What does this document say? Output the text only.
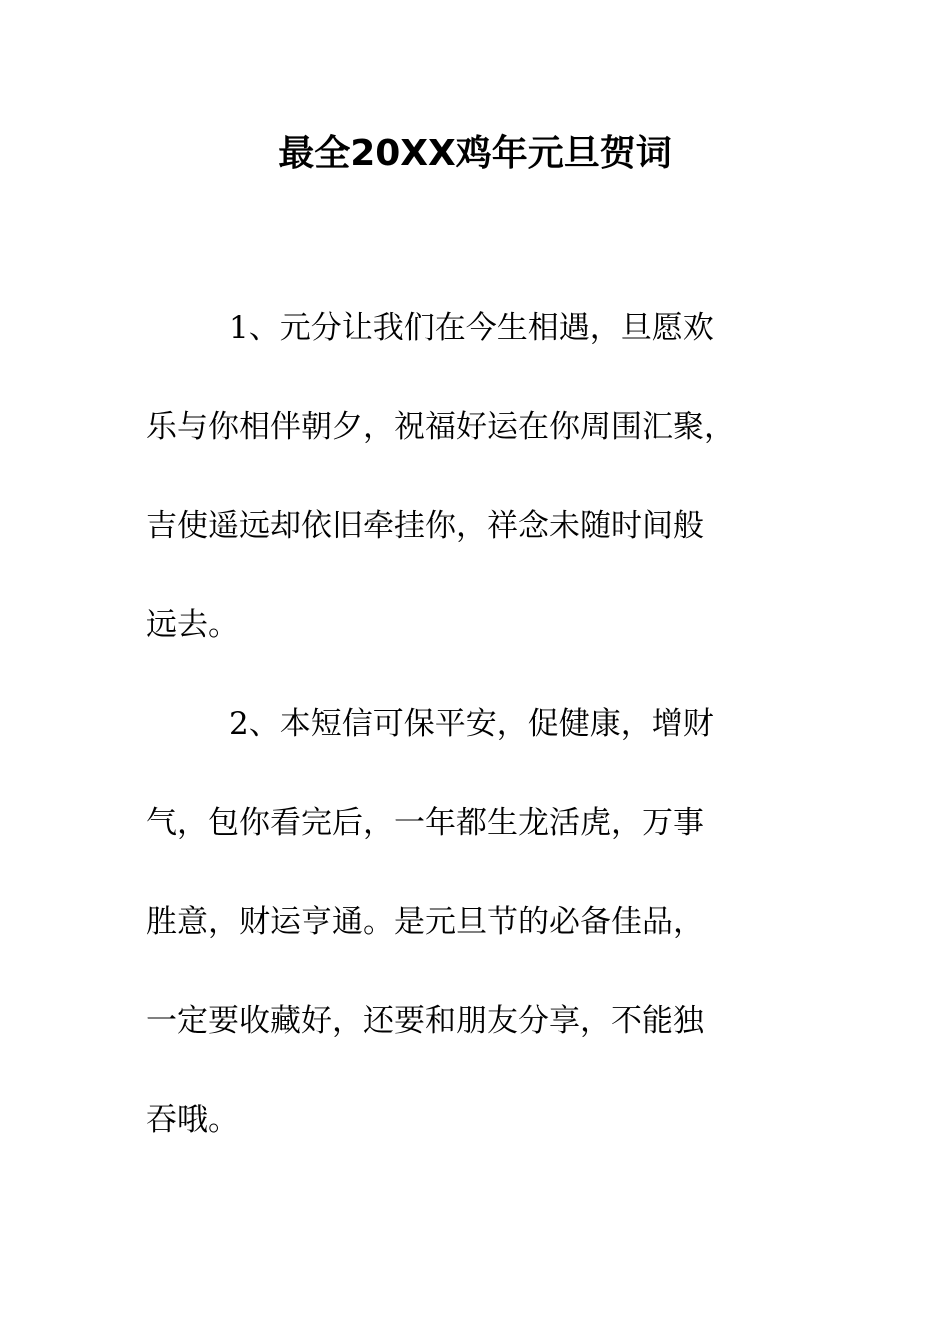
最全20XX鸡年元旦贺词
1、元分让我们在今生相遇，旦愿欢
乐与你相伴朝夕，祝福好运在你周围汇聚，
吉使遥远却依旧牵挂你，祥念未随时间般
远去。
2、本短信可保平安，促健康，增财
气，包你看完后，一年都生龙活虎，万事
胜意，财运亨通。是元旦节的必备佳品，
一定要收藏好，还要和朋友分享，不能独
吞哦。
